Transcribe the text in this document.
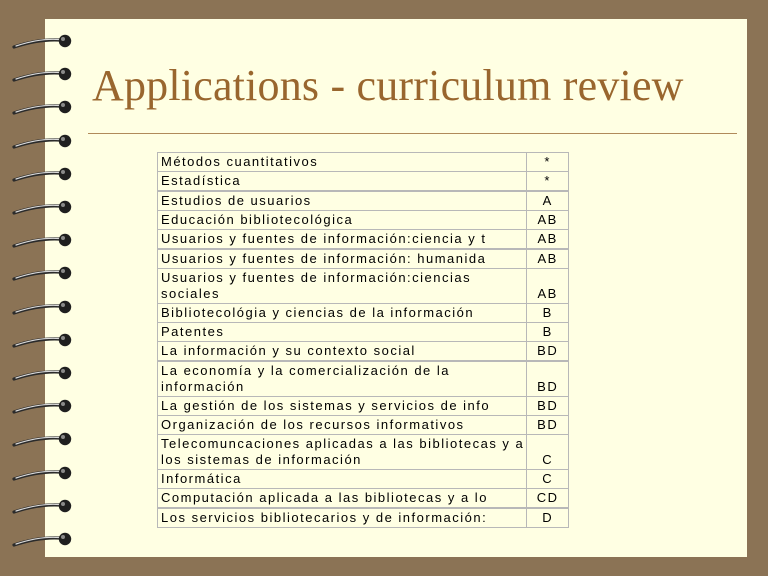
Applications - curriculum review
Métodos cuantitativos	*
Estadística	*
Estudios de usuarios	A
Educación bibliotecológica	AB
Usuarios y fuentes de información:ciencia y t	AB
Usuarios y fuentes de información: humanida	AB
Usuarios y fuentes de información:ciencias sociales	AB
Bibliotecológia y ciencias de la información	B
Patentes	B
La información y su contexto social	BD
La economía y la comercialización de la información	BD
La gestión de los sistemas y servicios de info	BD
Organización de los recursos informativos	BD
Telecomuncaciones aplicadas a las bibliotecas y a los sistemas de información	C
Informática	C
Computación aplicada a las bibliotecas y a lo	CD
Los servicios bibliotecarios y de información:	D
